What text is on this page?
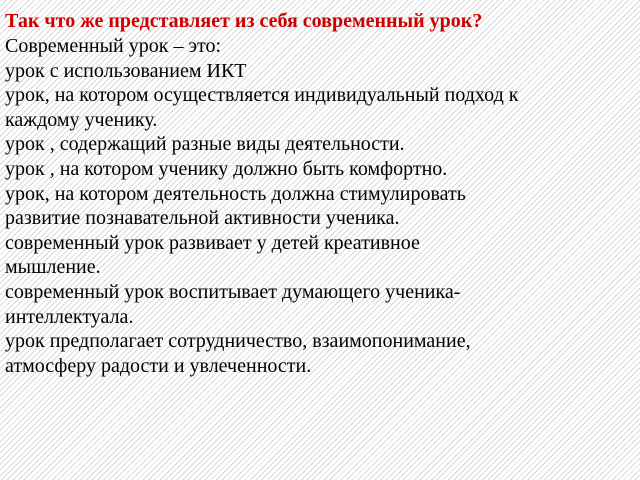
Так что же представляет из себя современный урок?
Современный урок – это:
урок с использованием ИКТ
урок, на котором осуществляется индивидуальный подход к
каждому ученику.
урок , содержащий разные виды деятельности.
урок , на котором ученику должно быть комфортно.
урок, на котором деятельность должна стимулировать
развитие познавательной активности ученика.
современный урок развивает у детей креативное
мышление.
современный урок воспитывает думающего ученика-
интеллектуала.
урок предполагает сотрудничество, взаимопонимание,
атмосферу радости и увлеченности.
